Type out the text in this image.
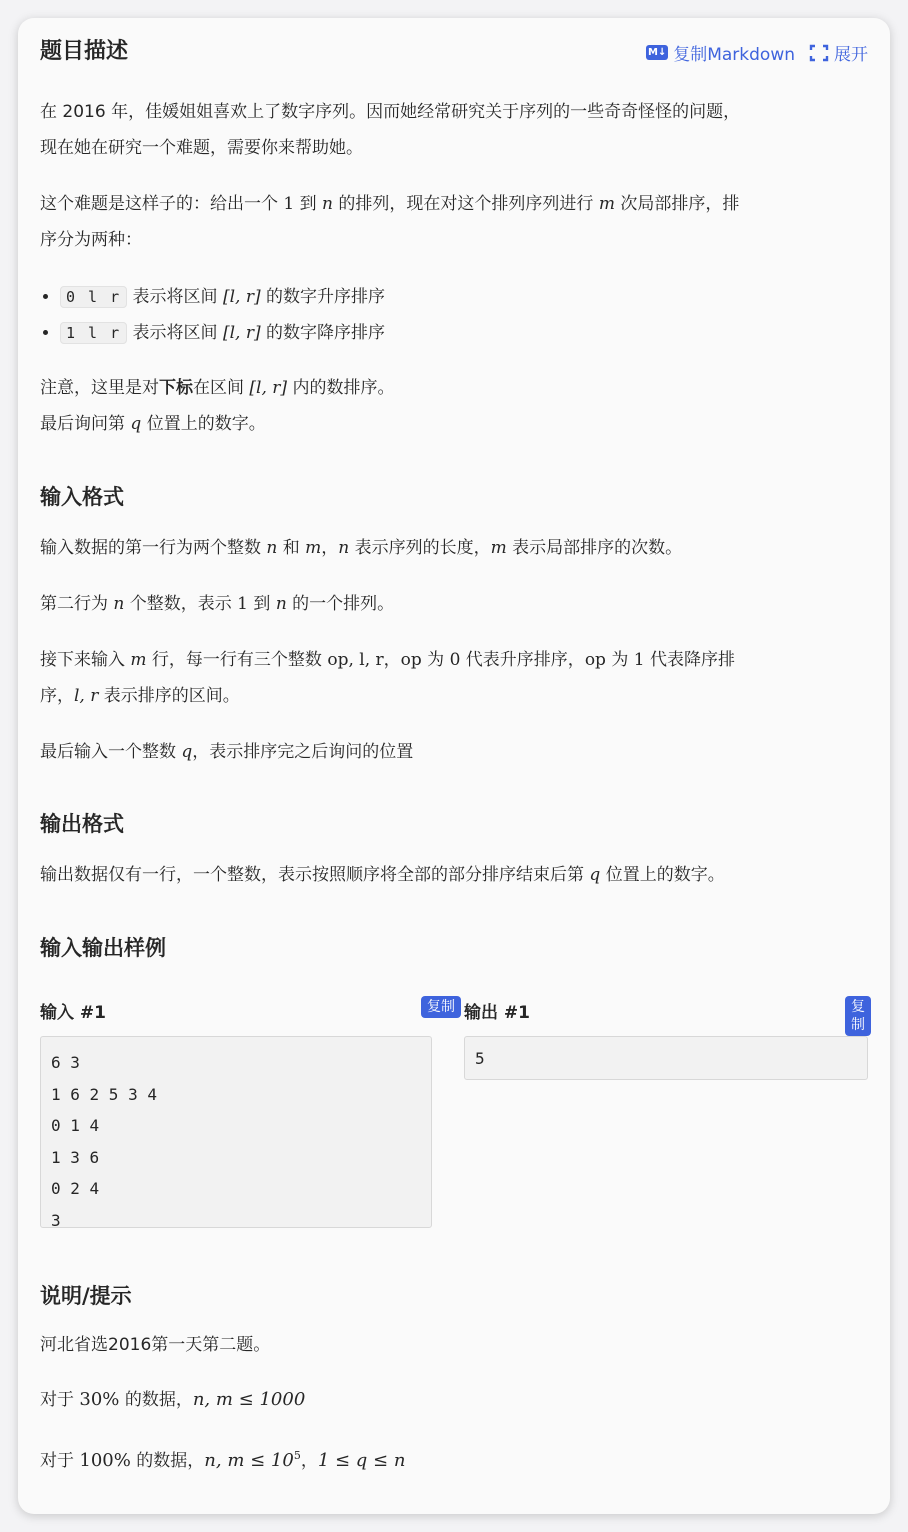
题目描述	M↓ 复制Markdown 展开
在 2016 年，佳媛姐姐喜欢上了数字序列。因而她经常研究关于序列的一些奇奇怪怪的问题，
现在她在研究一个难题，需要你来帮助她。
这个难题是这样子的：给出一个 1 到 n 的排列，现在对这个排列序列进行 m 次局部排序，排
序分为两种：
• 0 l r 表示将区间 [l, r] 的数字升序排序
• 1 l r 表示将区间 [l, r] 的数字降序排序
注意，这里是对下标在区间 [l, r] 内的数排序。
最后询问第 q 位置上的数字。
输入格式
输入数据的第一行为两个整数 n 和 m，n 表示序列的长度，m 表示局部排序的次数。
第二行为 n 个整数，表示 1 到 n 的一个排列。
接下来输入 m 行，每一行有三个整数 op, l, r，op 为 0 代表升序排序，op 为 1 代表降序排
序，l, r 表示排序的区间。
最后输入一个整数 q，表示排序完之后询问的位置
输出格式
输出数据仅有一行，一个整数，表示按照顺序将全部的部分排序结束后第 q 位置上的数字。
输入输出样例
输入 #1	复制
6 3
1 6 2 5 3 4
0 1 4
1 3 6
0 2 4
3
输出 #1	复制
5
说明/提示
河北省选2016第一天第二题。
对于 30% 的数据，n, m ≤ 1000
对于 100% 的数据，n, $m \le 10^5$，1 ≤ q ≤ n
